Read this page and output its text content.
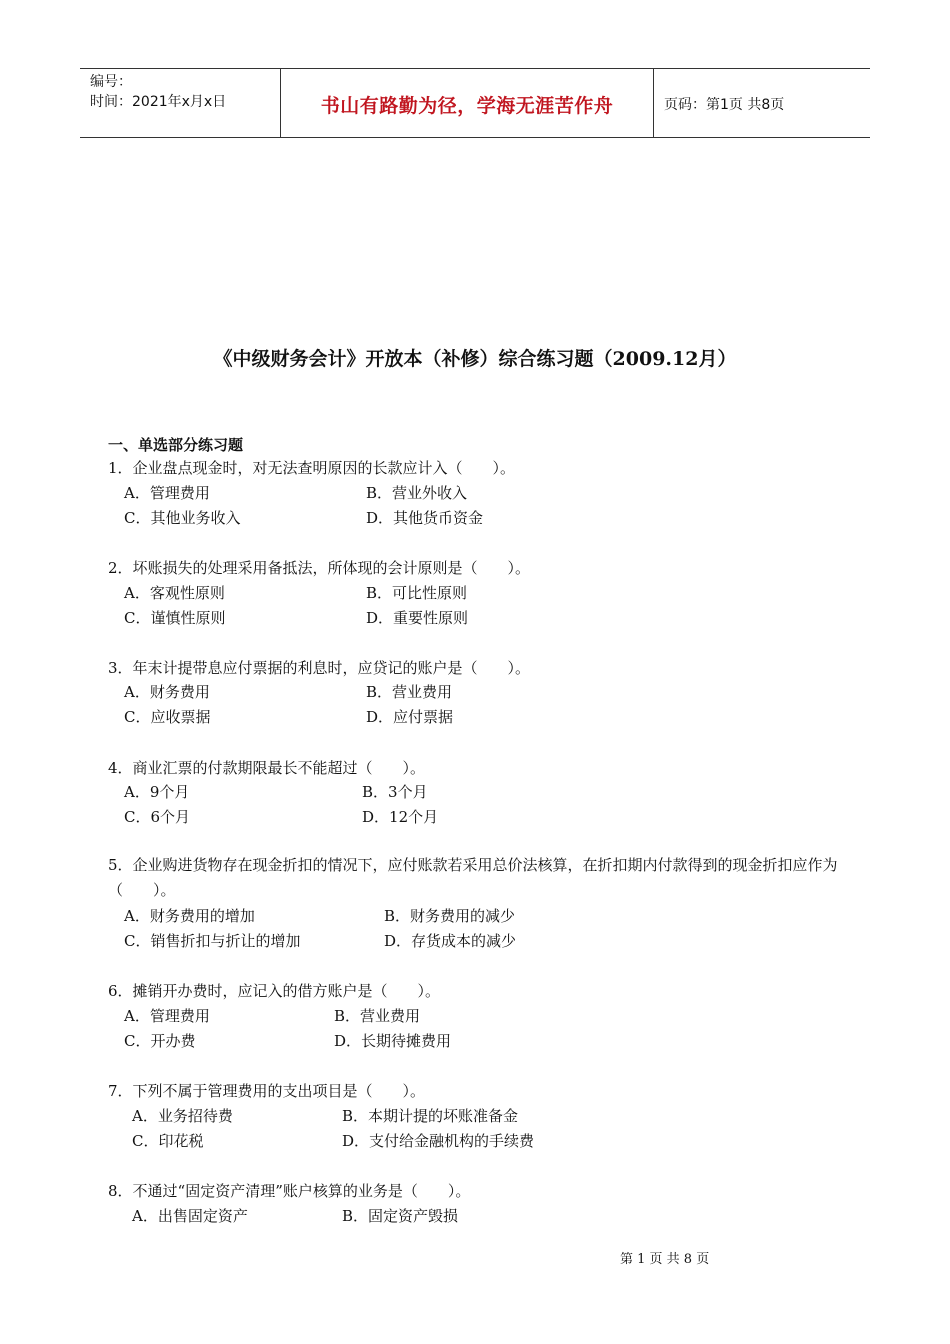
编号：
时间：2021年x月x日	书山有路勤为径，学海无涯苦作舟	页码：第1页 共8页
《中级财务会计》开放本（补修）综合练习题（2009.12月）
一、单选部分练习题
1．企业盘点现金时，对无法查明原因的长款应计入（　　）。
A．管理费用	B．营业外收入
C．其他业务收入	D．其他货币资金
2．坏账损失的处理采用备抵法，所体现的会计原则是（　　）。
A．客观性原则	B．可比性原则
C．谨慎性原则	D．重要性原则
3．年末计提带息应付票据的利息时，应贷记的账户是（　　）。
A．财务费用	B．营业费用
C．应收票据	D．应付票据
4．商业汇票的付款期限最长不能超过（　　）。
A．9个月	B．3个月
C．6个月	D．12个月
5．企业购进货物存在现金折扣的情况下，应付账款若采用总价法核算，在折扣期内付款得到的现金折扣应作为（　　）。
A．财务费用的增加	B．财务费用的减少
C．销售折扣与折让的增加	D．存货成本的减少
6．摊销开办费时，应记入的借方账户是（　　）。
A．管理费用	B．营业费用
C．开办费	D．长期待摊费用
7．下列不属于管理费用的支出项目是（　　）。
A．业务招待费	B．本期计提的坏账准备金
C．印花税	D．支付给金融机构的手续费
8．不通过“固定资产清理”账户核算的业务是（　　）。
A．出售固定资产	B．固定资产毁损
第 1 页 共 8 页
